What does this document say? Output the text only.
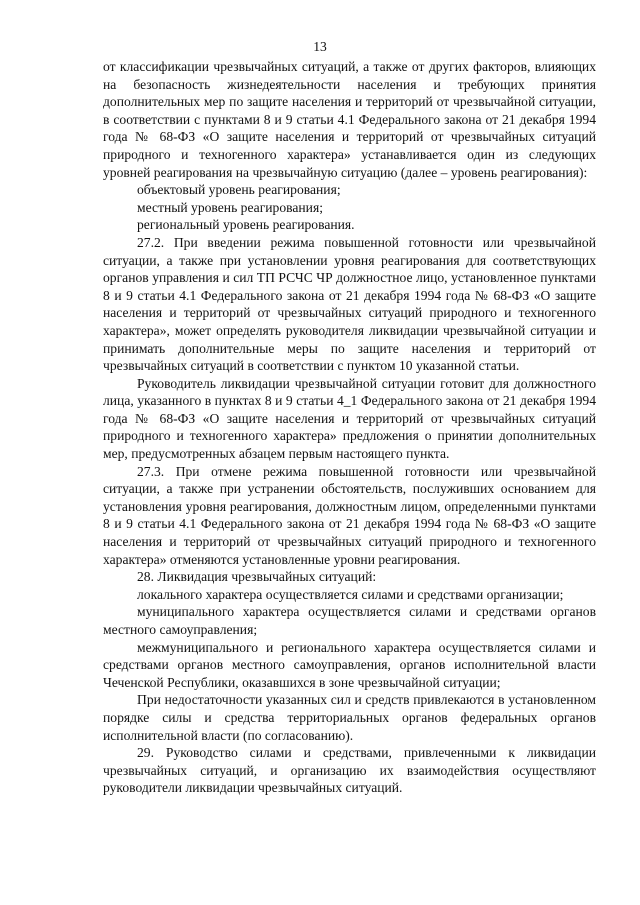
13

от классификации чрезвычайных ситуаций, а также от других факторов, влияющих на безопасность жизнедеятельности населения и требующих принятия дополнительных мер по защите населения и территорий от чрезвычайной ситуации, в соответствии с пунктами 8 и 9 статьи 4.1 Федерального закона от 21 декабря 1994 года № 68-ФЗ «О защите населения и территорий от чрезвычайных ситуаций природного и техногенного характера» устанавливается один из следующих уровней реагирования на чрезвычайную ситуацию (далее – уровень реагирования):

объектовый уровень реагирования;

местный уровень реагирования;

региональный уровень реагирования.

27.2. При введении режима повышенной готовности или чрезвычайной ситуации, а также при установлении уровня реагирования для соответствующих органов управления и сил ТП РСЧС ЧР должностное лицо, установленное пунктами 8 и 9 статьи 4.1 Федерального закона от 21 декабря 1994 года № 68-ФЗ «О защите населения и территорий от чрезвычайных ситуаций природного и техногенного характера», может определять руководителя ликвидации чрезвычайной ситуации и принимать дополнительные меры по защите населения и территорий от чрезвычайных ситуаций в соответствии с пунктом 10 указанной статьи.

Руководитель ликвидации чрезвычайной ситуации готовит для должностного лица, указанного в пунктах 8 и 9 статьи 4_1 Федерального закона от 21 декабря 1994 года № 68-ФЗ «О защите населения и территорий от чрезвычайных ситуаций природного и техногенного характера» предложения о принятии дополнительных мер, предусмотренных абзацем первым настоящего пункта.

27.3. При отмене режима повышенной готовности или чрезвычайной ситуации, а также при устранении обстоятельств, послуживших основанием для установления уровня реагирования, должностным лицом, определенными пунктами 8 и 9 статьи 4.1 Федерального закона от 21 декабря 1994 года № 68-ФЗ «О защите населения и территорий от чрезвычайных ситуаций природного и техногенного характера» отменяются установленные уровни реагирования.

28. Ликвидация чрезвычайных ситуаций:

локального характера осуществляется силами и средствами организации;

муниципального характера осуществляется силами и средствами органов местного самоуправления;

межмуниципального и регионального характера осуществляется силами и средствами органов местного самоуправления, органов исполнительной власти Чеченской Республики, оказавшихся в зоне чрезвычайной ситуации;

При недостаточности указанных сил и средств привлекаются в установленном порядке силы и средства территориальных органов федеральных органов исполнительной власти (по согласованию).

29. Руководство силами и средствами, привлеченными к ликвидации чрезвычайных ситуаций, и организацию их взаимодействия осуществляют руководители ликвидации чрезвычайных ситуаций.
